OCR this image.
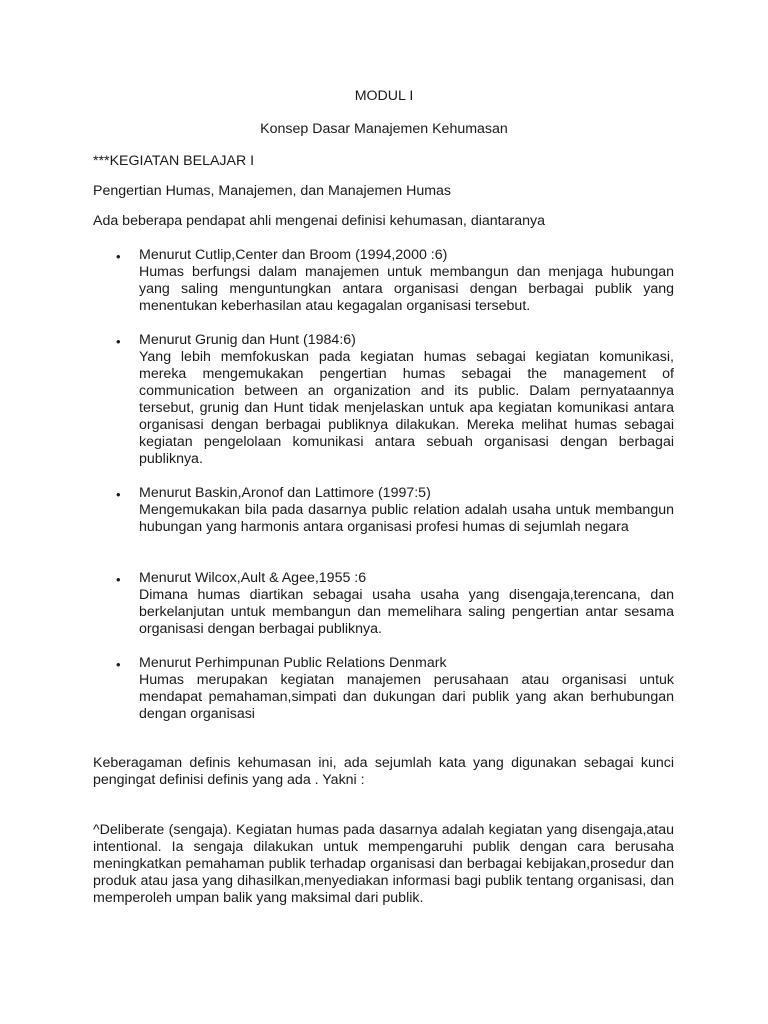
MODUL I
Konsep Dasar Manajemen Kehumasan
***KEGIATAN BELAJAR I
Pengertian Humas, Manajemen, dan Manajemen Humas
Ada beberapa pendapat ahli mengenai definisi kehumasan, diantaranya
• Menurut Cutlip,Center dan Broom (1994,2000 :6)
Humas berfungsi dalam manajemen untuk membangun dan menjaga hubungan yang saling menguntungkan antara organisasi dengan berbagai publik yang menentukan keberhasilan atau kegagalan organisasi tersebut.
• Menurut Grunig dan Hunt (1984:6)
Yang lebih memfokuskan pada kegiatan humas sebagai kegiatan komunikasi, mereka mengemukakan pengertian humas sebagai the management of communication between an organization and its public. Dalam pernyataannya tersebut, grunig dan Hunt tidak menjelaskan untuk apa kegiatan komunikasi antara organisasi dengan berbagai publiknya dilakukan. Mereka melihat humas sebagai kegiatan pengelolaan komunikasi antara sebuah organisasi dengan berbagai publiknya.
• Menurut Baskin,Aronof dan Lattimore (1997:5)
Mengemukakan bila pada dasarnya public relation adalah usaha untuk membangun hubungan yang harmonis antara organisasi profesi humas di sejumlah negara
• Menurut Wilcox,Ault & Agee,1955 :6
Dimana humas diartikan sebagai usaha usaha yang disengaja,terencana, dan berkelanjutan untuk membangun dan memelihara saling pengertian antar sesama organisasi dengan berbagai publiknya.
• Menurut Perhimpunan Public Relations Denmark
Humas merupakan kegiatan manajemen perusahaan atau organisasi untuk mendapat pemahaman,simpati dan dukungan dari publik yang akan berhubungan dengan organisasi
Keberagaman definis kehumasan ini, ada sejumlah kata yang digunakan sebagai kunci pengingat definisi definis yang ada . Yakni :
^Deliberate (sengaja). Kegiatan humas pada dasarnya adalah kegiatan yang disengaja,atau intentional. Ia sengaja dilakukan untuk mempengaruhi publik dengan cara berusaha meningkatkan pemahaman publik terhadap organisasi dan berbagai kebijakan,prosedur dan produk atau jasa yang dihasilkan,menyediakan informasi bagi publik tentang organisasi, dan memperoleh umpan balik yang maksimal dari publik.
